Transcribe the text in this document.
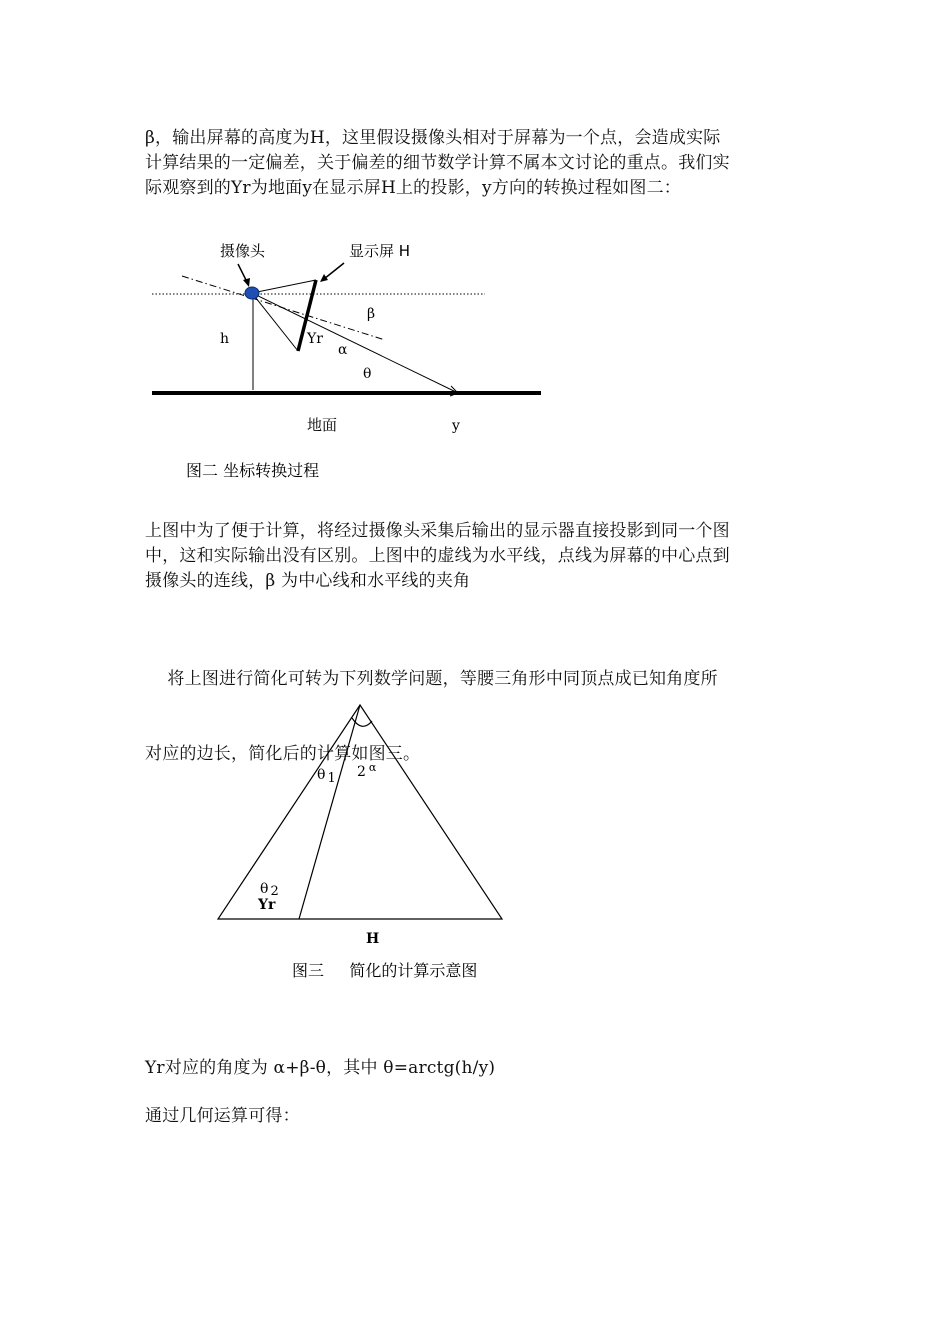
β，输出屏幕的高度为H，这里假设摄像头相对于屏幕为一个点，会造成实际
计算结果的一定偏差，关于偏差的细节数学计算不属本文讨论的重点。我们实
际观察到的Yr为地面y在显示屏H上的投影，y方向的转换过程如图二：
摄像头	显示屏 H
β
h	Yr
α
θ
地面	y
图二 坐标转换过程
上图中为了便于计算，将经过摄像头采集后输出的显示器直接投影到同一个图
中，这和实际输出没有区别。上图中的虚线为水平线，点线为屏幕的中心点到
摄像头的连线，β 为中心线和水平线的夹角

将上图进行简化可转为下列数学问题，等腰三角形中同顶点成已知角度所

对应的边长，简化后的计算如图三。

θ 1 2 $^\alpha$
θ 2
Yr
H
图三     简化的计算示意图
Yr对应的角度为 α+β-θ，其中 θ=arctg(h/y)
通过几何运算可得：
